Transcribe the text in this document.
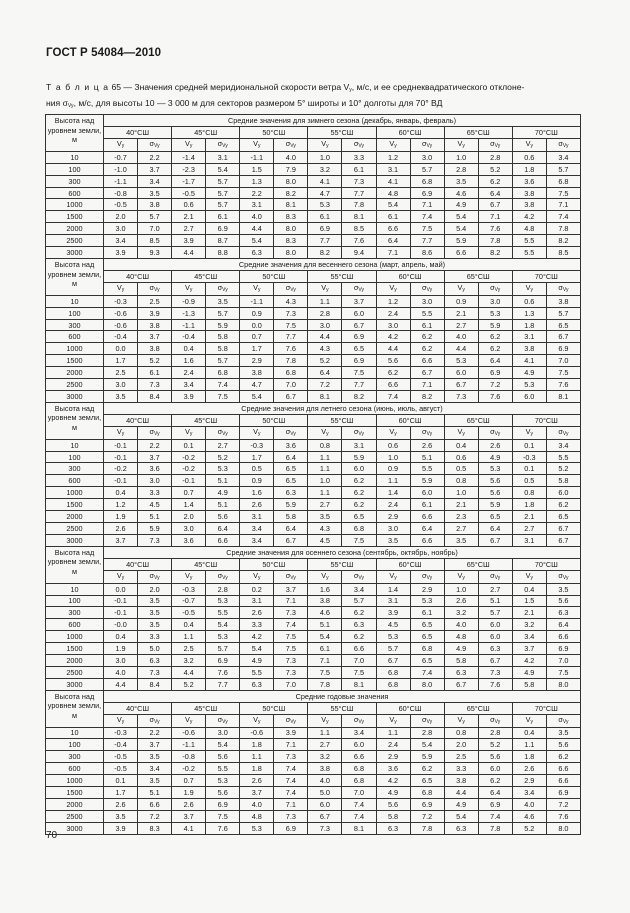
ГОСТ Р 54084—2010
Т а б л и ц а 65 — Значения средней меридиональной скорости ветра $V_y$, м/с, и ее среднеквадратического отклоне-
ния $\sigma_{Vy}$, м/с, для высоты 10 — 3 000 м для секторов размером 5° широты и 10° долготы для 70° ВД
Высота над уровнем земли, м	Средние значения для зимнего сезона (декабрь, январь, февраль)													
	40°СШ		45°СШ		50°СШ		55°СШ		60°СШ		65°СШ		70°СШ	
	$V_y$	$\sigma_{Vy}$	$V_y$	$\sigma_{Vy}$	$V_y$	$\sigma_{Vy}$	$V_y$	$\sigma_{Vy}$	$V_y$	$\sigma_{Vy}$	$V_y$	$\sigma_{Vy}$	$V_y$	$\sigma_{Vy}$
10	-0.7	2.2	-1.4	3.1	-1.1	4.0	1.0	3.3	1.2	3.0	1.0	2.8	0.6	3.4
100	-1.0	3.7	-2.3	5.4	1.5	7.9	3.2	6.1	3.1	5.7	2.8	5.2	1.8	5.7
300	-1.1	3.4	-1.7	5.7	1.3	8.0	4.1	7.3	4.1	6.8	3.5	6.2	3.6	6.8
600	-0.8	3.5	-0.5	5.7	2.2	8.2	4.7	7.7	4.8	6.9	4.6	6.4	3.8	7.5
1000	-0.5	3.8	0.6	5.7	3.1	8.1	5.3	7.8	5.4	7.1	4.9	6.7	3.8	7.1
1500	2.0	5.7	2.1	6.1	4.0	8.3	6.1	8.1	6.1	7.4	5.4	7.1	4.2	7.4
2000	3.0	7.0	2.7	6.9	4.4	8.0	6.9	8.5	6.6	7.5	5.4	7.6	4.8	7.8
2500	3.4	8.5	3.9	8.7	5.4	8.3	7.7	7.6	6.4	7.7	5.9	7.8	5.5	8.2
3000	3.9	9.3	4.4	8.8	6.3	8.0	8.2	9.4	7.1	8.6	6.6	8.2	5.5	8.5
Высота над уровнем земли, м	Средние значения для весеннего сезона (март, апрель, май)													
	40°СШ		45°СШ		50°СШ		55°СШ		60°СШ		65°СШ		70°СШ	
	$V_y$	$\sigma_{Vy}$	$V_y$	$\sigma_{Vy}$	$V_y$	$\sigma_{Vy}$	$V_y$	$\sigma_{Vy}$	$V_y$	$\sigma_{Vy}$	$V_y$	$\sigma_{Vy}$	$V_y$	$\sigma_{Vy}$
10	-0.3	2.5	-0.9	3.5	-1.1	4.3	1.1	3.7	1.2	3.0	0.9	3.0	0.6	3.8
100	-0.6	3.9	-1.3	5.7	0.9	7.3	2.8	6.0	2.4	5.5	2.1	5.3	1.3	5.7
300	-0.6	3.8	-1.1	5.9	0.0	7.5	3.0	6.7	3.0	6.1	2.7	5.9	1.8	6.5
600	-0.4	3.7	-0.4	5.8	0.7	7.7	4.4	6.9	4.2	6.2	4.0	6.2	3.1	6.7
1000	0.0	3.8	0.4	5.8	1.7	7.6	4.3	6.5	4.4	6.2	4.4	6.2	3.8	6.9
1500	1.7	5.2	1.6	5.7	2.9	7.8	5.2	6.9	5.6	6.6	5.3	6.4	4.1	7.0
2000	2.5	6.1	2.4	6.8	3.8	6.8	6.4	7.5	6.2	6.7	6.0	6.9	4.9	7.5
2500	3.0	7.3	3.4	7.4	4.7	7.0	7.2	7.7	6.6	7.1	6.7	7.2	5.3	7.6
3000	3.5	8.4	3.9	7.5	5.4	6.7	8.1	8.2	7.4	8.2	7.3	7.6	6.0	8.1
Высота над уровнем земли, м	Средние значения для летнего сезона (июнь, июль, август)													
	40°СШ		45°СШ		50°СШ		55°СШ		60°СШ		65°СШ		70°СШ	
	$V_y$	$\sigma_{Vy}$	$V_y$	$\sigma_{Vy}$	$V_y$	$\sigma_{Vy}$	$V_y$	$\sigma_{Vy}$	$V_y$	$\sigma_{Vy}$	$V_y$	$\sigma_{Vy}$	$V_y$	$\sigma_{Vy}$
10	-0.1	2.2	0.1	2.7	-0.3	3.6	0.8	3.1	0.6	2.6	0.4	2.6	0.1	3.4
100	-0.1	3.7	-0.2	5.2	1.7	6.4	1.1	5.9	1.0	5.1	0.6	4.9	-0.3	5.5
300	-0.2	3.6	-0.2	5.3	0.5	6.5	1.1	6.0	0.9	5.5	0.5	5.3	0.1	5.2
600	-0.1	3.0	-0.1	5.1	0.9	6.5	1.0	6.2	1.1	5.9	0.8	5.6	0.5	5.8
1000	0.4	3.3	0.7	4.9	1.6	6.3	1.1	6.2	1.4	6.0	1.0	5.6	0.8	6.0
1500	1.2	4.5	1.4	5.1	2.6	5.9	2.7	6.2	2.4	6.1	2.1	5.9	1.8	6.2
2000	1.9	5.1	2.0	5.6	3.1	5.8	3.5	6.5	2.9	6.6	2.3	6.5	2.1	6.5
2500	2.6	5.9	3.0	6.4	3.4	6.4	4.3	6.8	3.0	6.4	2.7	6.4	2.7	6.7
3000	3.7	7.3	3.6	6.6	3.4	6.7	4.5	7.5	3.5	6.6	3.5	6.7	3.1	6.7
Высота над уровнем земли, м	Средние значения для осеннего сезона (сентябрь, октябрь, ноябрь)													
	40°СШ		45°СШ		50°СШ		55°СШ		60°СШ		65°СШ		70°СШ	
	$V_y$	$\sigma_{Vy}$	$V_y$	$\sigma_{Vy}$	$V_y$	$\sigma_{Vy}$	$V_y$	$\sigma_{Vy}$	$V_y$	$\sigma_{Vy}$	$V_y$	$\sigma_{Vy}$	$V_y$	$\sigma_{Vy}$
10	0.0	2.0	-0.3	2.8	0.2	3.7	1.6	3.4	1.4	2.9	1.0	2.7	0.4	3.5
100	-0.1	3.5	-0.7	5.3	3.1	7.1	3.8	5.7	3.1	5.3	2.6	5.1	1.5	5.6
300	-0.1	3.5	-0.5	5.5	2.6	7.3	4.6	6.2	3.9	6.1	3.2	5.7	2.1	6.3
600	-0.0	3.5	0.4	5.4	3.3	7.4	5.1	6.3	4.5	6.5	4.0	6.0	3.2	6.4
1000	0.4	3.3	1.1	5.3	4.2	7.5	5.4	6.2	5.3	6.5	4.8	6.0	3.4	6.6
1500	1.9	5.0	2.5	5.7	5.4	7.5	6.1	6.6	5.7	6.8	4.9	6.3	3.7	6.9
2000	3.0	6.3	3.2	6.9	4.9	7.3	7.1	7.0	6.7	6.5	5.8	6.7	4.2	7.0
2500	4.0	7.3	4.4	7.6	5.5	7.3	7.5	7.5	6.8	7.4	6.3	7.3	4.9	7.5
3000	4.4	8.4	5.2	7.7	6.3	7.0	7.8	8.1	6.8	8.0	6.7	7.6	5.8	8.0
Высота над уровнем земли, м	Средние годовые значения													
	40°СШ		45°СШ		50°СШ		55°СШ		60°СШ		65°СШ		70°СШ	
	$V_y$	$\sigma_{Vy}$	$V_y$	$\sigma_{Vy}$	$V_y$	$\sigma_{Vy}$	$V_y$	$\sigma_{Vy}$	$V_y$	$\sigma_{Vy}$	$V_y$	$\sigma_{Vy}$	$V_y$	$\sigma_{Vy}$
10	-0.3	2.2	-0.6	3.0	-0.6	3.9	1.1	3.4	1.1	2.8	0.8	2.8	0.4	3.5
100	-0.4	3.7	-1.1	5.4	1.8	7.1	2.7	6.0	2.4	5.4	2.0	5.2	1.1	5.6
300	-0.5	3.5	-0.8	5.6	1.1	7.3	3.2	6.6	2.9	5.9	2.5	5.6	1.8	6.2
600	-0.5	3.4	-0.2	5.5	1.8	7.4	3.8	6.8	3.6	6.2	3.3	6.0	2.6	6.6
1000	0.1	3.5	0.7	5.3	2.6	7.4	4.0	6.8	4.2	6.5	3.8	6.2	2.9	6.6
1500	1.7	5.1	1.9	5.6	3.7	7.4	5.0	7.0	4.9	6.8	4.4	6.4	3.4	6.9
2000	2.6	6.6	2.6	6.9	4.0	7.1	6.0	7.4	5.6	6.9	4.9	6.9	4.0	7.2
2500	3.5	7.2	3.7	7.5	4.8	7.3	6.7	7.4	5.8	7.2	5.4	7.4	4.6	7.6
3000	3.9	8.3	4.1	7.6	5.3	6.9	7.3	8.1	6.3	7.8	6.3	7.8	5.2	8.0
70
